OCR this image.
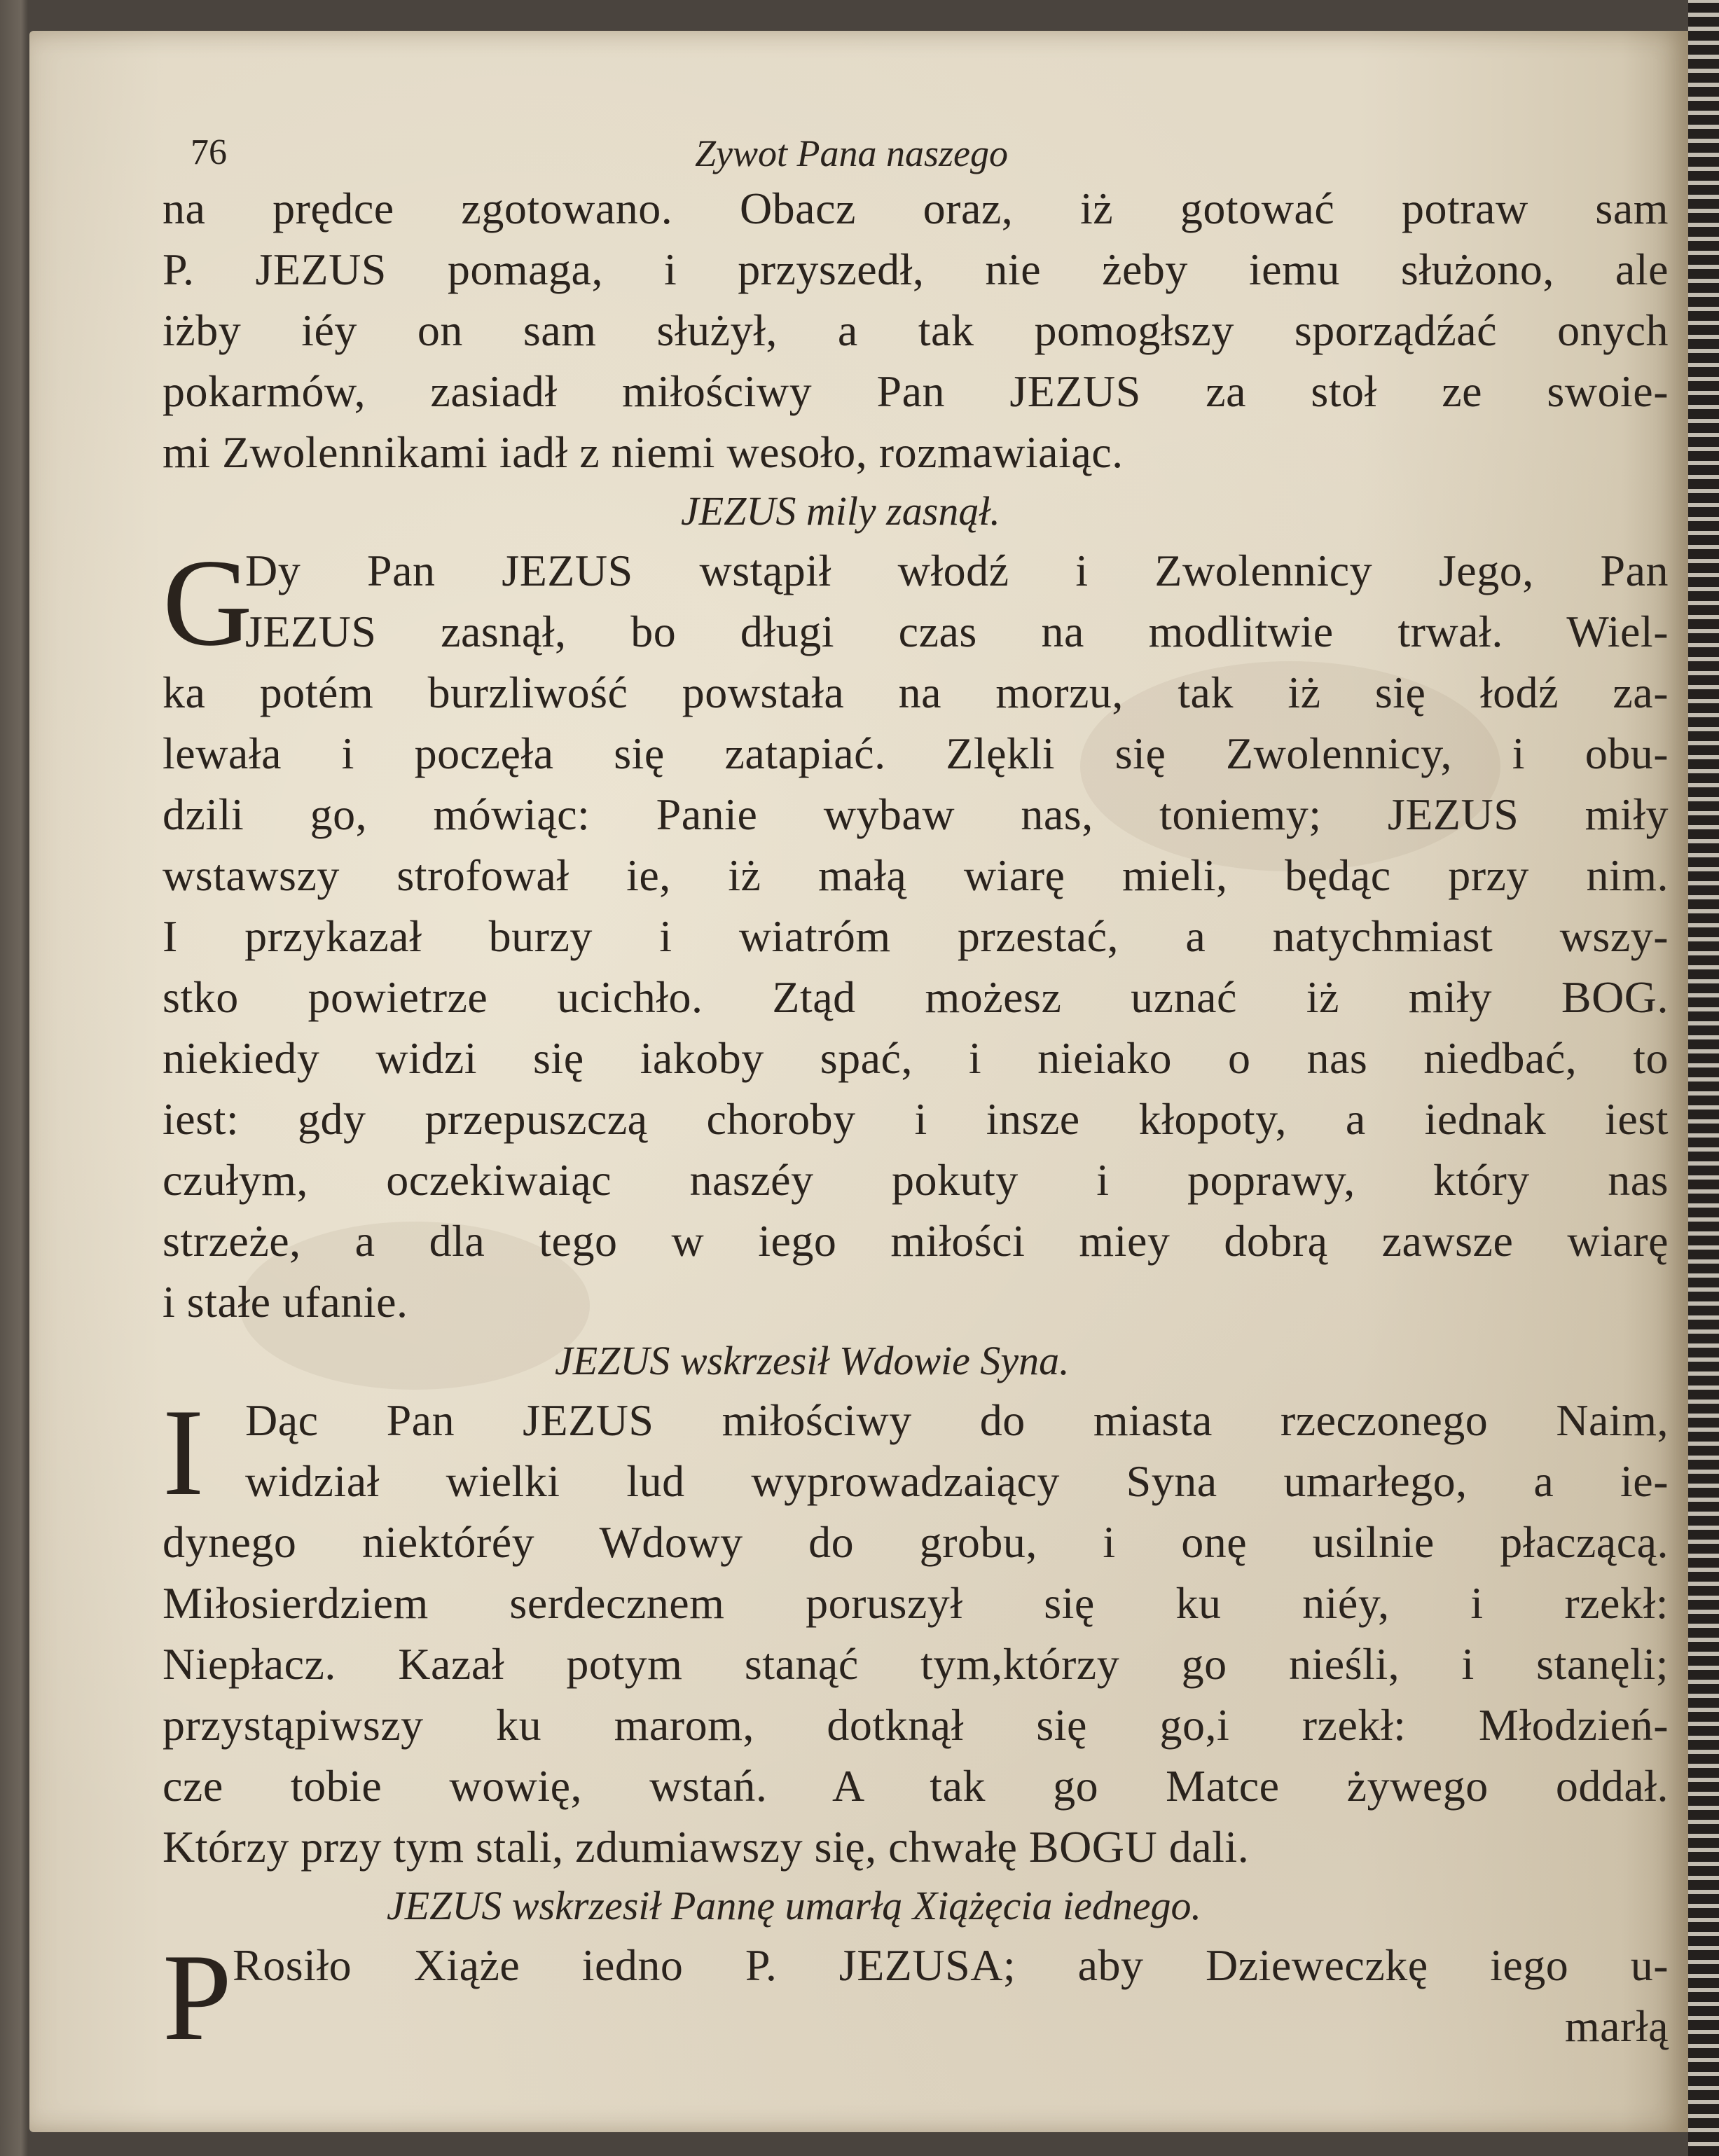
76	Zywot Pana naszego
na prędce zgotowano. Obacz oraz, iż gotować potraw sam
P. JEZUS pomaga, i przyszedł, nie żeby iemu służono, ale
iżby iéy on sam służył, a tak pomogłszy sporządźać onych
pokarmów, zasiadł miłościwy Pan JEZUS za stoł ze swoie-
mi Zwolennikami iadł z niemi wesoło, rozmawiaiąc.
JEZUS mily zasnął.
G
Dy Pan JEZUS wstąpił włodź i Zwolennicy Jego, Pan
JEZUS zasnął, bo długi czas na modlitwie trwał. Wiel-
ka potém burzliwość powstała na morzu, tak iż się łodź za-
lewała i poczęła się zatapiać. Zlękli się Zwolennicy, i obu-
dzili go, mówiąc: Panie wybaw nas, toniemy; JEZUS miły
wstawszy strofował ie, iż małą wiarę mieli, będąc przy nim.
I przykazał burzy i wiatróm przestać, a natychmiast wszy-
stko powietrze ucichło. Ztąd możesz uznać iż miły BOG.
niekiedy widzi się iakoby spać, i nieiako o nas niedbać, to
iest: gdy przepuszczą choroby i insze kłopoty, a iednak iest
czułym, oczekiwaiąc naszéy pokuty i poprawy, który nas
strzeże, a dla tego w iego miłości miey dobrą zawsze wiarę
i stałe ufanie.
JEZUS wskrzesił Wdowie Syna.
I Dąc Pan JEZUS miłościwy do miasta rzeczonego Naim,
widział wielki lud wyprowadzaiący Syna umarłego, a ie-
dynego niektóréy Wdowy do grobu, i onę usilnie płaczącą.
Miłosierdziem serdecznem poruszył się ku niéy, i rzekł:
Niepłacz. Kazał potym stanąć tym,którzy go nieśli, i stanęli;
przystąpiwszy ku marom, dotknął się go,i rzekł: Młodzień-
cze tobie wowię, wstań. A tak go Matce żywego oddał.
Którzy przy tym stali, zdumiawszy się, chwałę BOGU dali.
JEZUS wskrzesił Pannę umarłą Xiążęcia iednego.
P Rosiło Xiąże iedno P. JEZUSA; aby Dzieweczkę iego u-
marłą
